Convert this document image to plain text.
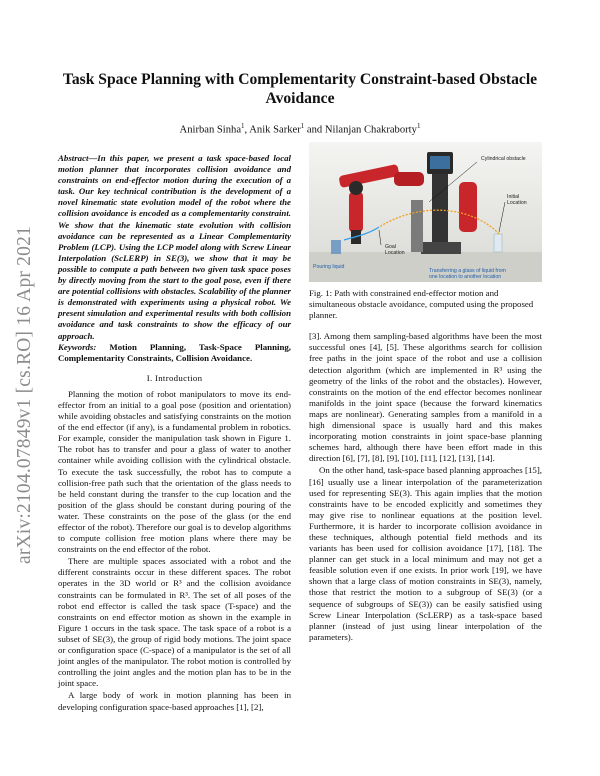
arXiv:2104.07849v1 [cs.RO] 16 Apr 2021
Task Space Planning with Complementarity Constraint-based Obstacle Avoidance
Anirban Sinha$^1$, Anik Sarker$^1$ and Nilanjan Chakraborty$^1$

Abstract—In this paper, we present a task space-based local motion planner that incorporates collision avoidance and constraints on end-effector motion during the execution of a task. Our key technical contribution is the development of a novel kinematic state evolution model of the robot where the collision avoidance is encoded as a complementarity constraint. We show that the kinematic state evolution with collision avoidance can be represented as a Linear Complementarity Problem (LCP). Using the LCP model along with Screw Linear Interpolation (ScLERP) in SE(3), we show that it may be possible to compute a path between two given task space poses by directly moving from the start to the goal pose, even if there are potential collisions with obstacles. Scalability of the planner is demonstrated with experiments using a physical robot. We present simulation and experimental results with both collision avoidance and task constraints to show the efficacy of our approach.

Keywords: Motion Planning, Task-Space Planning, Complementarity Constraints, Collision Avoidance.

I. Introduction

Planning the motion of robot manipulators to move its end-effector from an initial to a goal pose (position and orientation) while avoiding obstacles and satisfying constraints on the motion of the end effector (if any), is a fundamental problem in robotics. For example, consider the manipulation task shown in Figure 1. The robot has to transfer and pour a glass of water to another container while avoiding collision with the cylindrical obstacle. To execute the task successfully, the robot has to compute a collision-free path such that the orientation of the glass needs to be held constant during the transfer to the cup location and the position of the glass should be constant during pouring of the water. These constraints on the pose of the glass (or the end effector of the robot). Therefore our goal is to develop algorithms to compute collision free motion plans where there may be constraints on the end effector of the robot.

There are multiple spaces associated with a robot and the different constraints occur in these different spaces. The robot operates in the 3D world or R³ and the collision avoidance constraints can be formulated in R³. The set of all poses of the robot end effector is called the task space (T-space) and the constraints on end effector motion as shown in the example in Figure 1 occurs in the task space. The task space of a robot is a subset of SE(3), the group of rigid body motions. The joint space or configuration space (C-space) of a manipulator is the set of all joint angles of the manipulator. The robot motion is controlled by controlling the joint angles and the motion plan has to be in the joint space.

A large body of work in motion planning has been in developing configuration space-based approaches [1], [2],

Cylindrical obstacle
Initial
Location
Goal
Location
Pouring liquid
Transferring a glass of liquid from
one location to another location

Fig. 1: Path with constrained end-effector motion and simultaneous obstacle avoidance, computed using the proposed planner.

[3]. Among them sampling-based algorithms have been the most successful ones [4], [5]. These algorithms search for collision free paths in the joint space of the robot and use a collision detection algorithm (which are implemented in R³ using the geometry of the links of the robot and the obstacles). However, constraints on the motion of the end effector becomes nonlinear manifolds in the joint space (because the forward kinematics maps are nonlinear). Generating samples from a manifold in a high dimensional space is usually hard and this makes incorporating motion constraints in joint space-base planning schemes hard, although there have been effort made in this direction [6], [7], [8], [9], [10], [11], [12], [13], [14].

On the other hand, task-space based planning approaches [15], [16] usually use a linear interpolation of the parameterization used for representing SE(3). This again implies that the motion constraints have to be encoded explicitly and sometimes they may give rise to nonlinear equations at the position level. Furthermore, it is harder to incorporate collision avoidance in these techniques, although potential field methods and its variants has been used for collision avoidance [17], [18]. The planner can get stuck in a local minimum and may not get a feasible solution even if one exists. In prior work [19], we have shown that a large class of motion constraints in SE(3), namely, those that restrict the motion to a subgroup of SE(3) (or a sequence of subgroups of SE(3)) can be easily satisfied using Screw Linear Interpolation (ScLERP) as a task-space based planner (instead of just using linear interpolation of the parameters).
